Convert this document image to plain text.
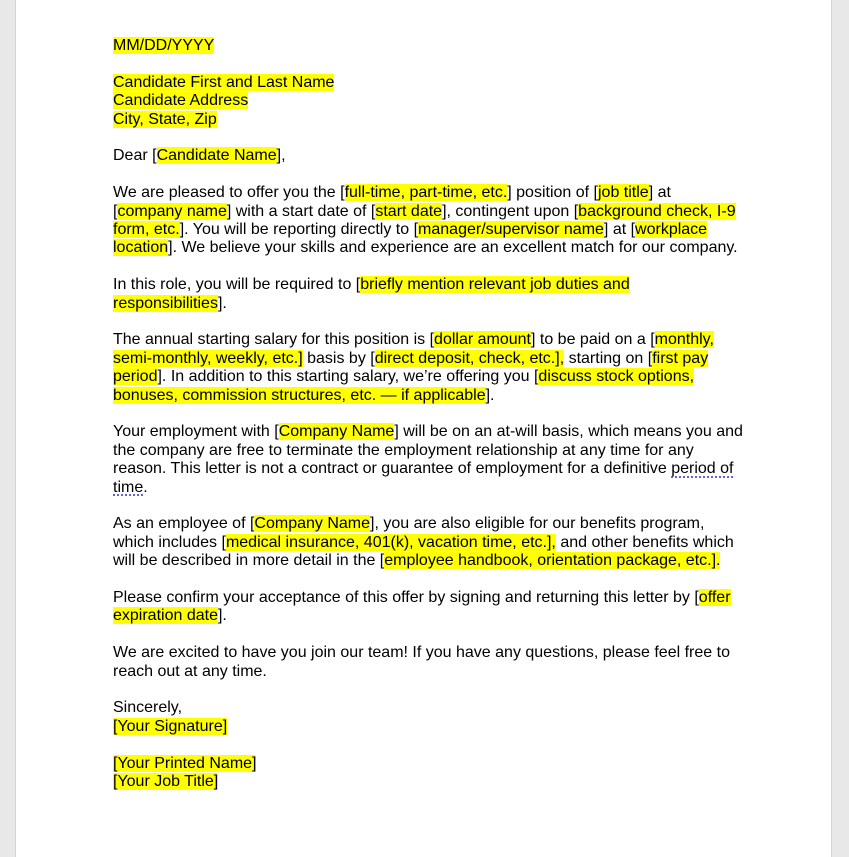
MM/DD/YYYY

Candidate First and Last Name
Candidate Address
City, State, Zip

Dear [Candidate Name],

We are pleased to offer you the [full-time, part-time, etc.] position of [job title] at [company name] with a start date of [start date], contingent upon [background check, I-9 form, etc.]. You will be reporting directly to [manager/supervisor name] at [workplace location]. We believe your skills and experience are an excellent match for our company.

In this role, you will be required to [briefly mention relevant job duties and responsibilities].

The annual starting salary for this position is [dollar amount] to be paid on a [monthly, semi-monthly, weekly, etc.] basis by [direct deposit, check, etc.], starting on [first pay period]. In addition to this starting salary, we’re offering you [discuss stock options, bonuses, commission structures, etc. — if applicable].

Your employment with [Company Name] will be on an at-will basis, which means you and the company are free to terminate the employment relationship at any time for any reason. This letter is not a contract or guarantee of employment for a definitive period of time.

As an employee of [Company Name], you are also eligible for our benefits program, which includes [medical insurance, 401(k), vacation time, etc.], and other benefits which will be described in more detail in the [employee handbook, orientation package, etc.].

Please confirm your acceptance of this offer by signing and returning this letter by [offer expiration date].

We are excited to have you join our team! If you have any questions, please feel free to reach out at any time.

Sincerely,
[Your Signature]

[Your Printed Name]
[Your Job Title]
